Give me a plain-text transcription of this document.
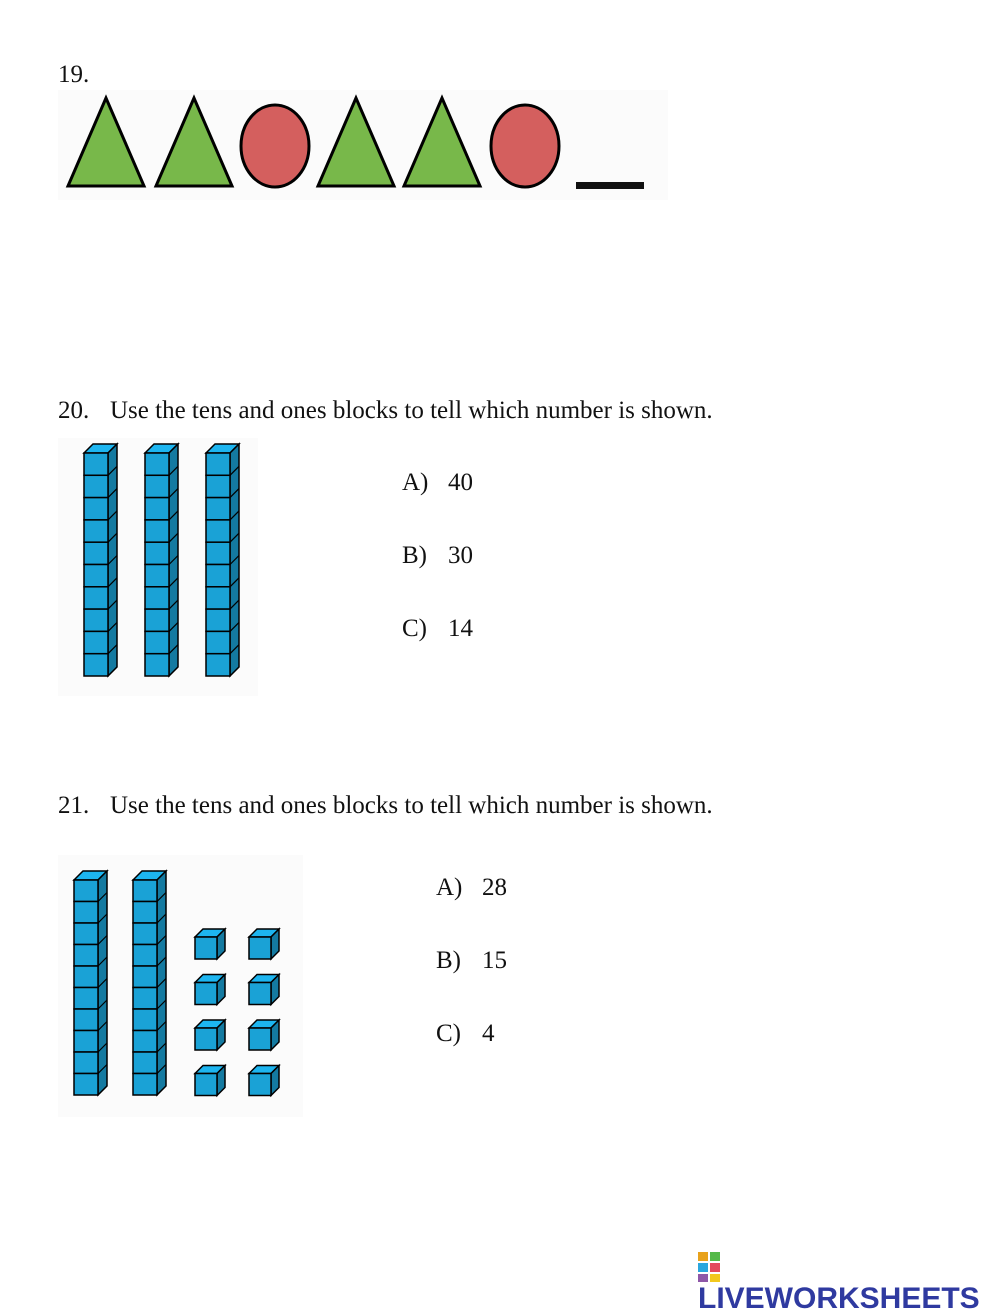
19.
20. Use the tens and ones blocks to tell which number is shown.
A) 40
B) 30
C) 14
21. Use the tens and ones blocks to tell which number is shown.
A) 28
B) 15
C) 4
LIVEWORKSHEETS
